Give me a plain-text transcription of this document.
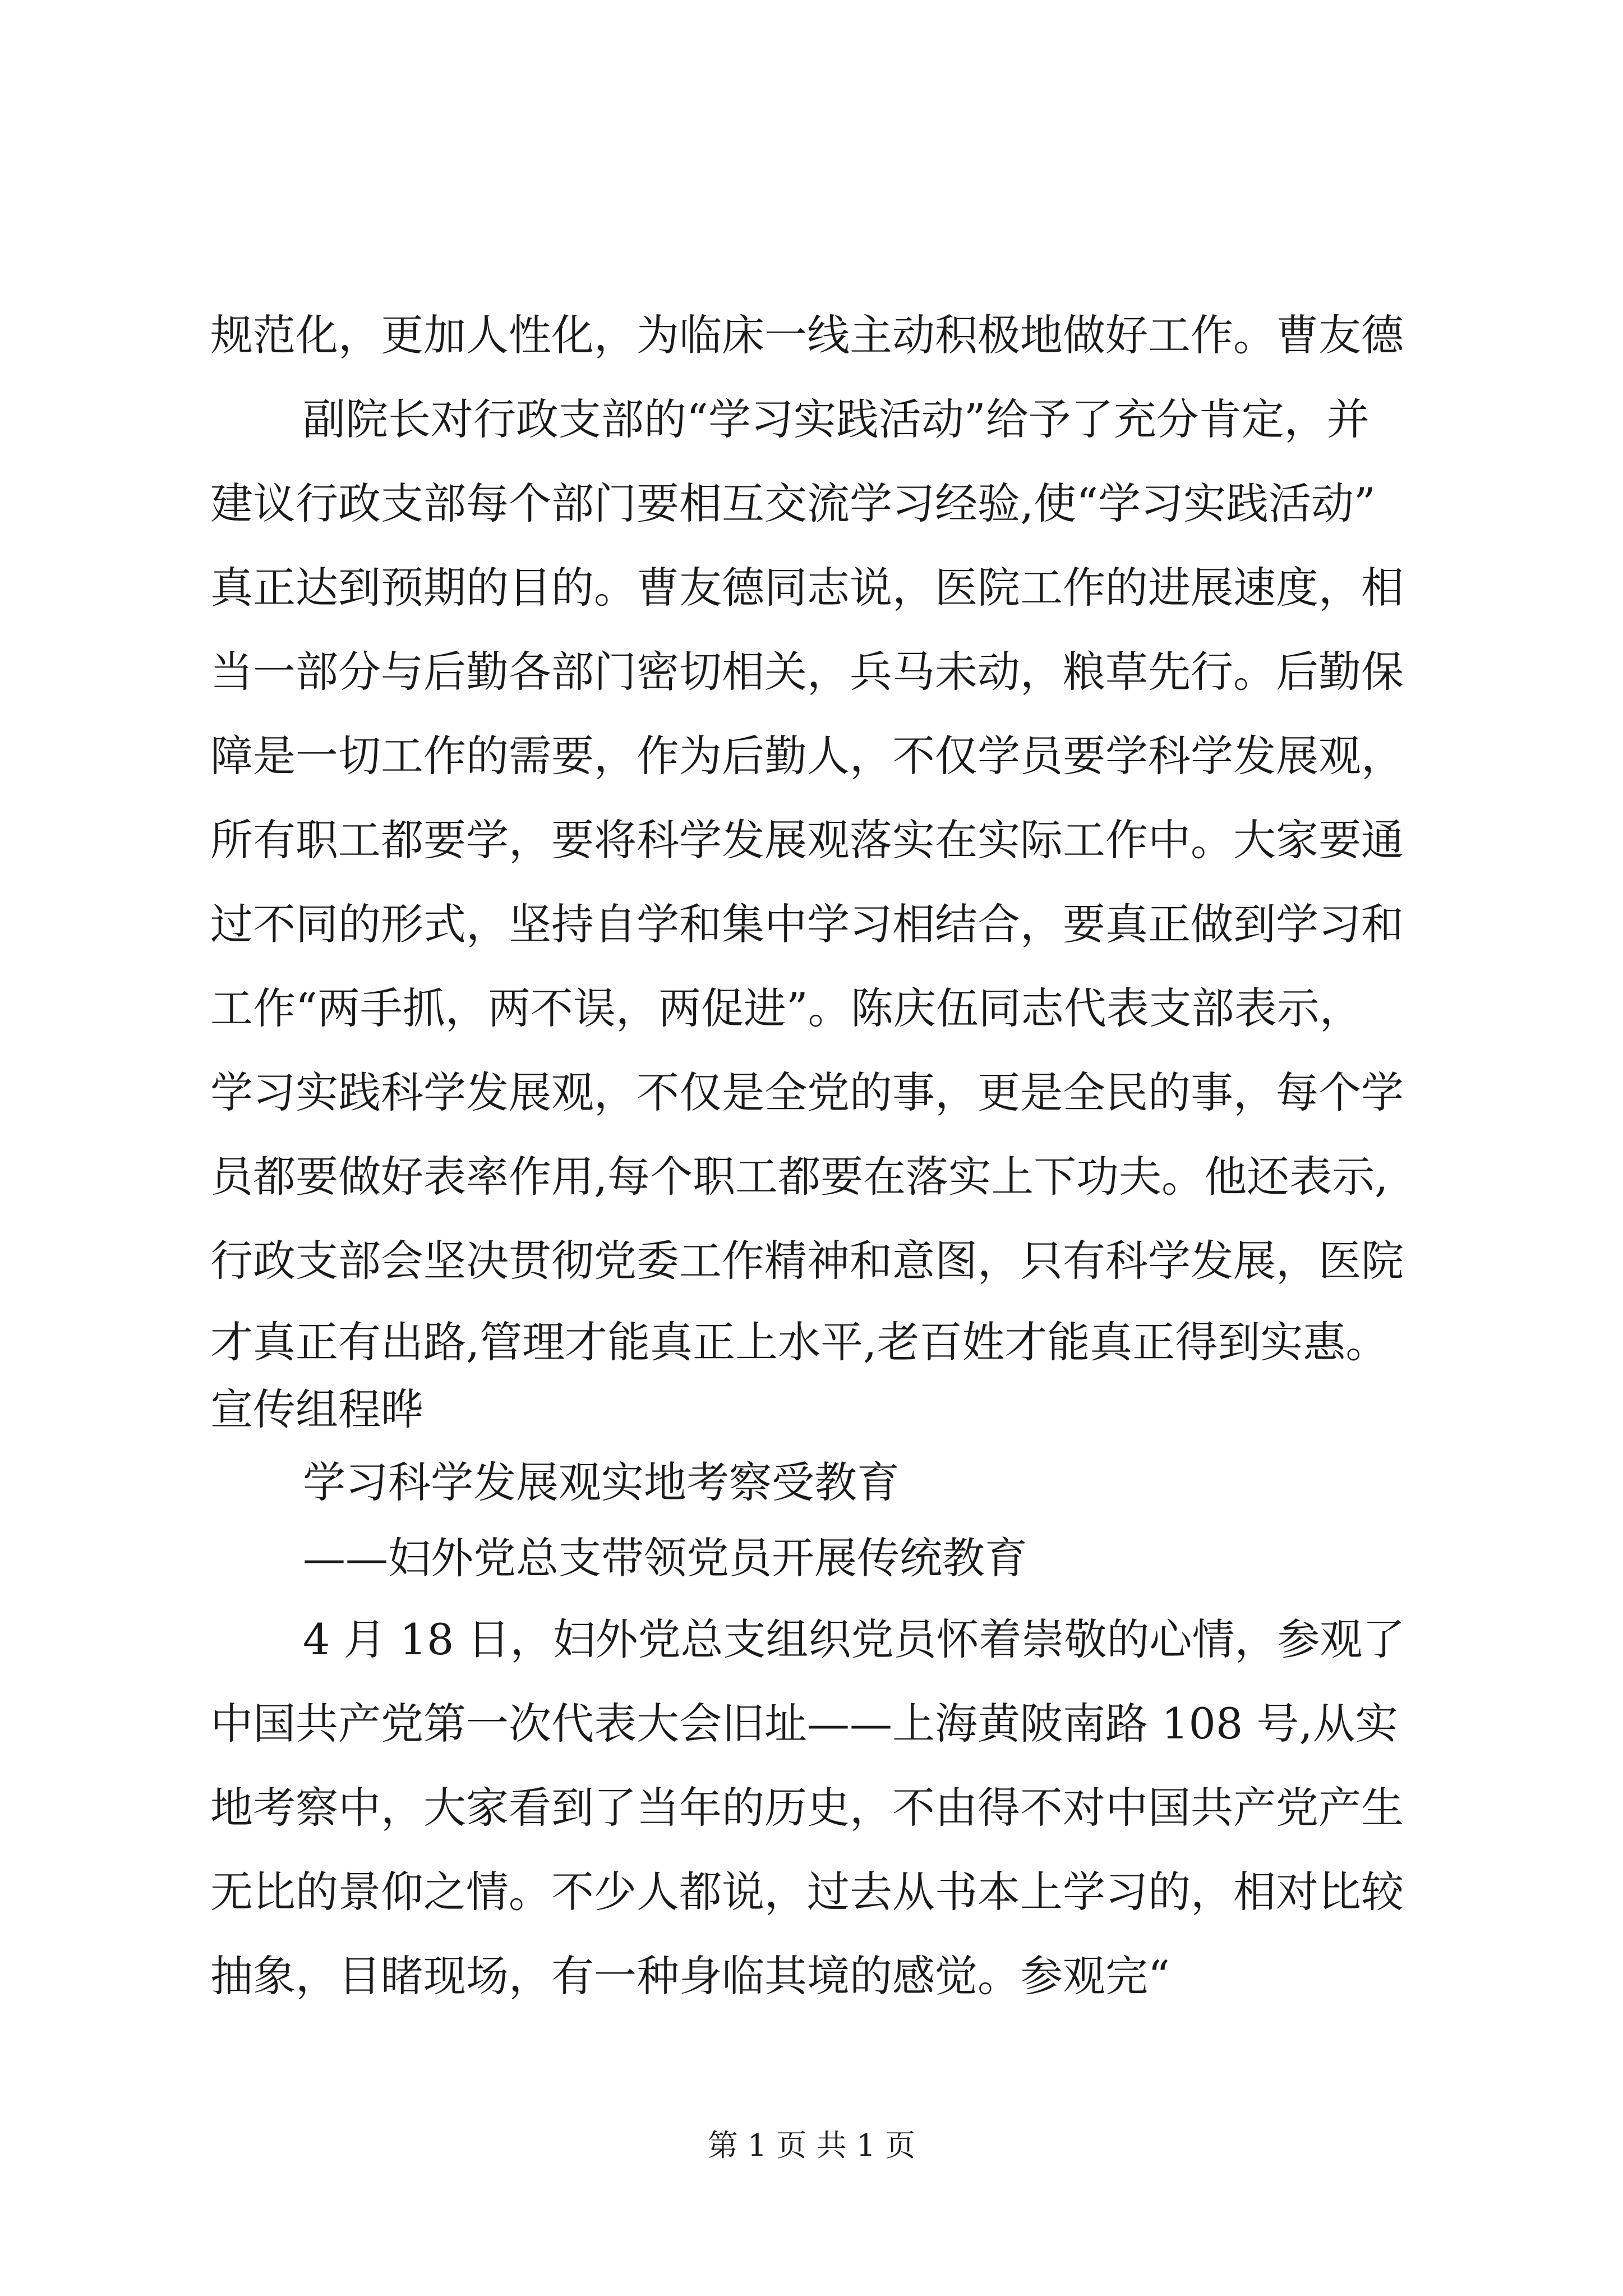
规范化，更加人性化，为临床一线主动积极地做好工作。曹友德
副院长对行政支部的“学习实践活动”给予了充分肯定，并
建议行政支部每个部门要相互交流学习经验,使“学习实践活动”
真正达到预期的目的。曹友德同志说，医院工作的进展速度，相
当一部分与后勤各部门密切相关，兵马未动，粮草先行。后勤保
障是一切工作的需要，作为后勤人，不仅学员要学科学发展观，
所有职工都要学，要将科学发展观落实在实际工作中。大家要通
过不同的形式，坚持自学和集中学习相结合，要真正做到学习和
工作“两手抓，两不误，两促进”。陈庆伍同志代表支部表示，
学习实践科学发展观，不仅是全党的事，更是全民的事，每个学
员都要做好表率作用,每个职工都要在落实上下功夫。他还表示,
行政支部会坚决贯彻党委工作精神和意图，只有科学发展，医院
才真正有出路,管理才能真正上水平,老百姓才能真正得到实惠。
宣传组程晔
学习科学发展观实地考察受教育
——妇外党总支带领党员开展传统教育
4 月 18 日，妇外党总支组织党员怀着崇敬的心情，参观了
中国共产党第一次代表大会旧址——上海黄陂南路 108 号,从实
地考察中，大家看到了当年的历史，不由得不对中国共产党产生
无比的景仰之情。不少人都说，过去从书本上学习的，相对比较
抽象，目睹现场，有一种身临其境的感觉。参观完“
第 1 页 共 1 页
